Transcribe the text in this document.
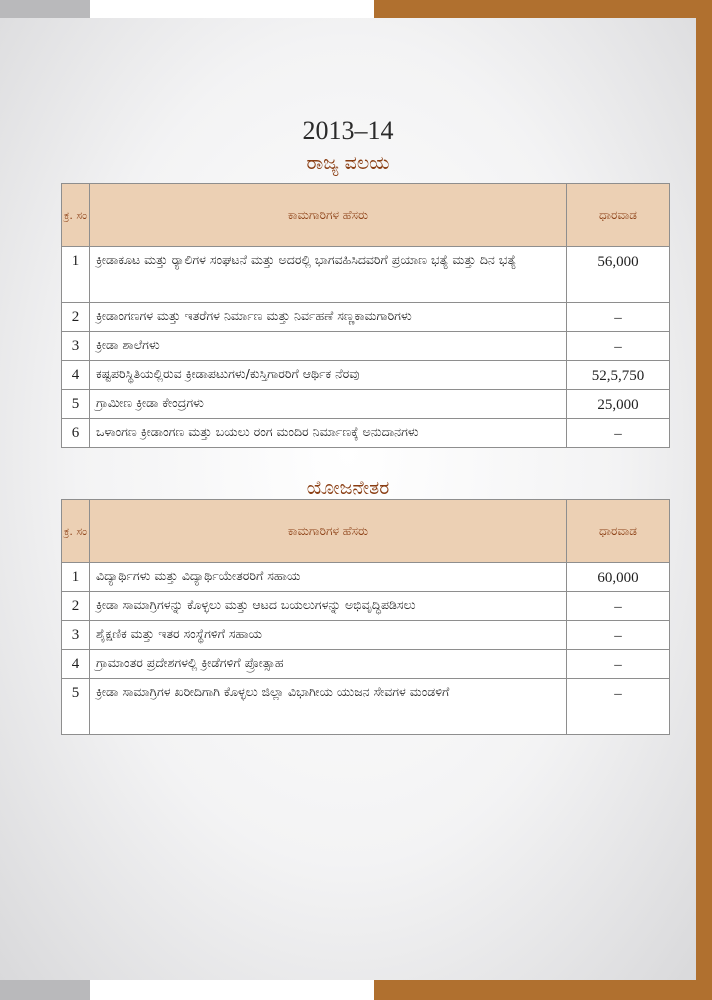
2013–14
ರಾಜ್ಯ ವಲಯ
ಕ್ರ. ಸಂ	ಕಾಮಗಾರಿಗಳ ಹೆಸರು	ಧಾರವಾಡ
1	ಕ್ರೀಡಾಕೂಟ ಮತ್ತು ರ‍್ಯಾಲಿಗಳ ಸಂಘಟನೆ ಮತ್ತು ಅದರಲ್ಲಿ ಭಾಗವಹಿಸಿದವರಿಗೆ ಪ್ರಯಾಣ ಭತ್ಯೆ ಮತ್ತು ದಿನ ಭತ್ಯೆ	56,000
2	ಕ್ರೀಡಾಂಗಣಗಳ ಮತ್ತು ಇತರೆಗಳ ನಿರ್ಮಾಣ ಮತ್ತು ನಿರ್ವಹಣೆ ಸಣ್ಣಕಾಮಗಾರಿಗಳು	–
3	ಕ್ರೀಡಾ ಶಾಲೆಗಳು	–
4	ಕಷ್ಟಪರಿಸ್ಥಿತಿಯಲ್ಲಿರುವ ಕ್ರೀಡಾಪಟುಗಳು/ಕುಸ್ತಿಗಾರರಿಗೆ ಆರ್ಥಿಕ ನೆರವು	52,5,750
5	ಗ್ರಾಮೀಣ ಕ್ರೀಡಾ ಕೇಂದ್ರಗಳು	25,000
6	ಒಳಾಂಗಣ ಕ್ರೀಡಾಂಗಣ ಮತ್ತು ಬಯಲು ರಂಗ ಮಂದಿರ ನಿರ್ಮಾಣಕ್ಕೆ ಅನುದಾನಗಳು	–
ಯೋಜನೇತರ
ಕ್ರ. ಸಂ	ಕಾಮಗಾರಿಗಳ ಹೆಸರು	ಧಾರವಾಡ
1	ವಿದ್ಯಾರ್ಥಿಗಳು ಮತ್ತು ವಿದ್ಯಾರ್ಥಿಯೇತರರಿಗೆ ಸಹಾಯ	60,000
2	ಕ್ರೀಡಾ ಸಾಮಾಗ್ರಿಗಳನ್ನು ಕೊಳ್ಳಲು ಮತ್ತು ಆಟದ ಬಯಲುಗಳನ್ನು ಅಭಿವೃದ್ಧಿಪಡಿಸಲು	–
3	ಶೈಕ್ಷಣಿಕ ಮತ್ತು ಇತರ ಸಂಸ್ಥೆಗಳಿಗೆ ಸಹಾಯ	–
4	ಗ್ರಾಮಾಂತರ ಪ್ರದೇಶಗಳಲ್ಲಿ ಕ್ರೀಡೆಗಳಿಗೆ ಪ್ರೋತ್ಸಾಹ	–
5	ಕ್ರೀಡಾ ಸಾಮಾಗ್ರಿಗಳ ಖರೀದಿಗಾಗಿ ಕೊಳ್ಳಲು ಜಿಲ್ಲಾ ವಿಭಾಗೀಯ ಯುಜನ ಸೇವಗಳ ಮಂಡಳಿಗೆ	–
